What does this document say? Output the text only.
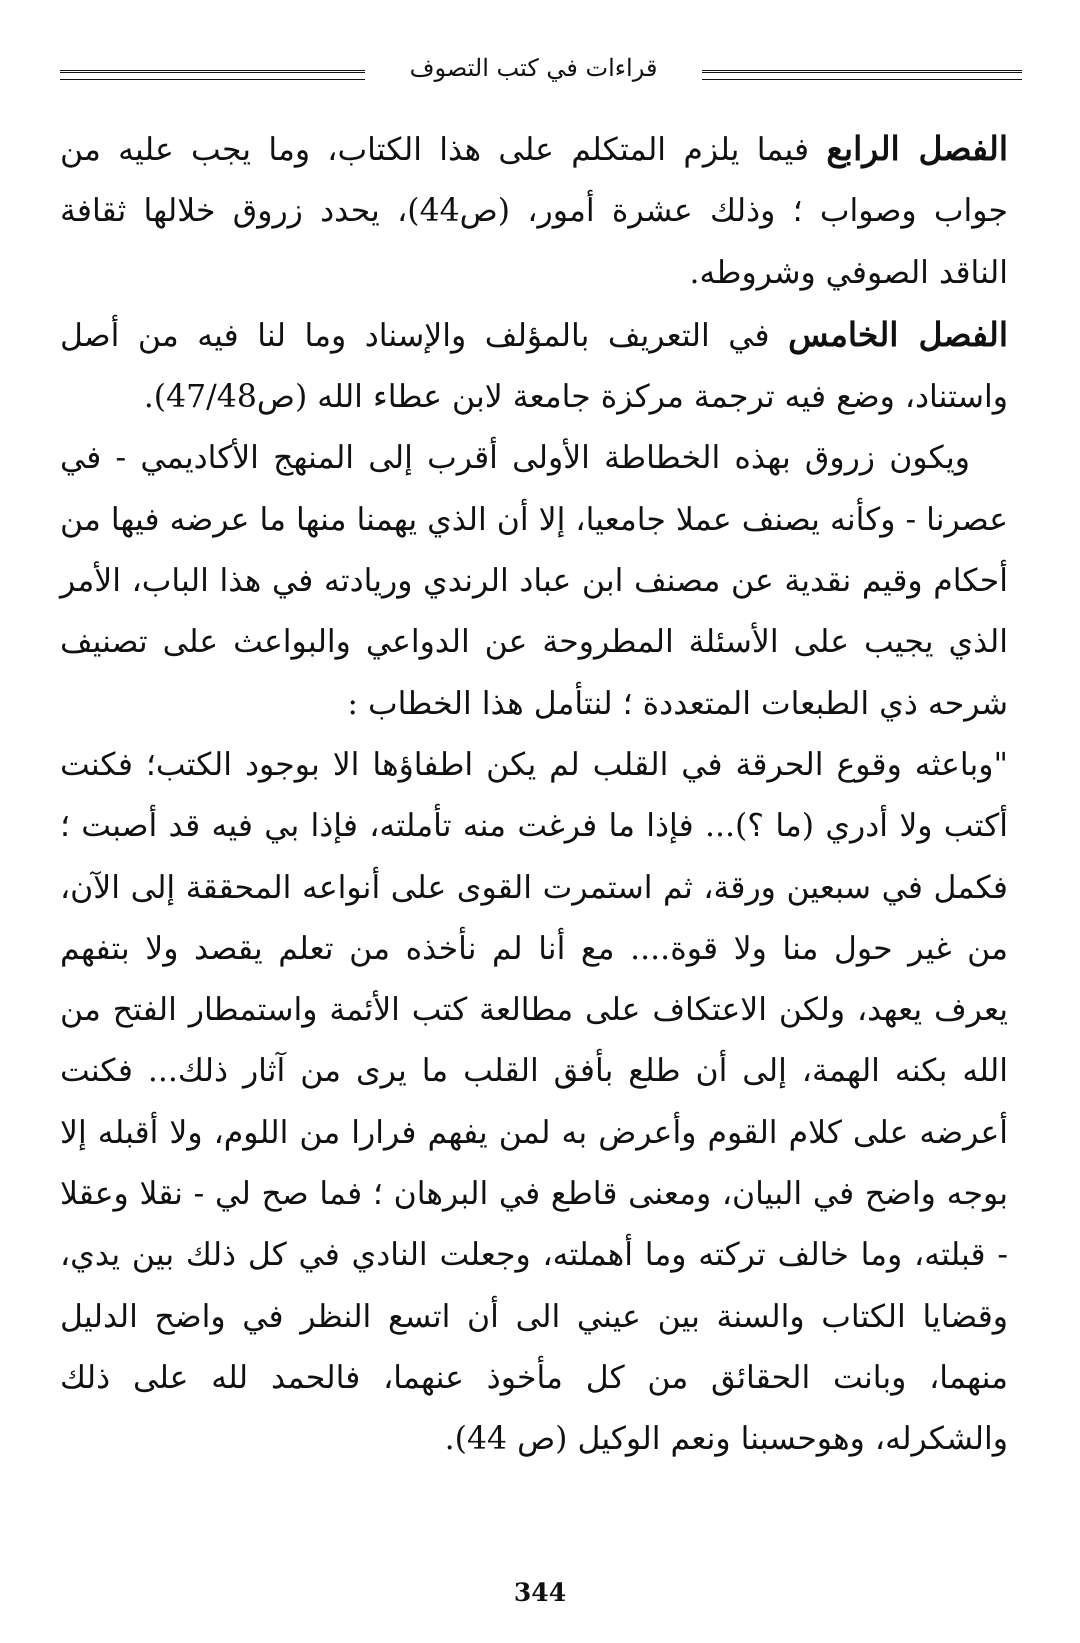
قراءات في كتب التصوف

الفصل الرابع فيما يلزم المتكلم على هذا الكتاب، وما يجب عليه من جواب وصواب ؛ وذلك عشرة أمور، (ص44)، يحدد زروق خلالها ثقافة الناقد الصوفي وشروطه.

الفصل الخامس في التعريف بالمؤلف والإسناد وما لنا فيه من أصل واستناد، وضع فيه ترجمة مركزة جامعة لابن عطاء الله (ص47/48).

ويكون زروق بهذه الخطاطة الأولى أقرب إلى المنهج الأكاديمي - في عصرنا - وكأنه يصنف عملا جامعيا، إلا أن الذي يهمنا منها ما عرضه فيها من أحكام وقيم نقدية عن مصنف ابن عباد الرندي وريادته في هذا الباب، الأمر الذي يجيب على الأسئلة المطروحة عن الدواعي والبواعث على تصنيف شرحه ذي الطبعات المتعددة ؛ لنتأمل هذا الخطاب :

"وباعثه وقوع الحرقة في القلب لم يكن اطفاؤها الا بوجود الكتب؛ فكنت أكتب ولا أدري (ما ؟)... فإذا ما فرغت منه تأملته، فإذا بي فيه قد أصبت ؛ فكمل في سبعين ورقة، ثم استمرت القوى على أنواعه المحققة إلى الآن، من غير حول منا ولا قوة.... مع أنا لم نأخذه من تعلم يقصد ولا بتفهم يعرف يعهد، ولكن الاعتكاف على مطالعة كتب الأئمة واستمطار الفتح من الله بكنه الهمة، إلى أن طلع بأفق القلب ما يرى من آثار ذلك... فكنت أعرضه على كلام القوم وأعرض به لمن يفهم فرارا من اللوم، ولا أقبله إلا بوجه واضح في البيان، ومعنى قاطع في البرهان ؛ فما صح لي - نقلا وعقلا - قبلته، وما خالف تركته وما أهملته، وجعلت النادي في كل ذلك بين يدي، وقضايا الكتاب والسنة بين عيني الى أن اتسع النظر في واضح الدليل منهما، وبانت الحقائق من كل مأخوذ عنهما، فالحمد لله على ذلك والشكرله، وهوحسبنا ونعم الوكيل (ص 44).

344
